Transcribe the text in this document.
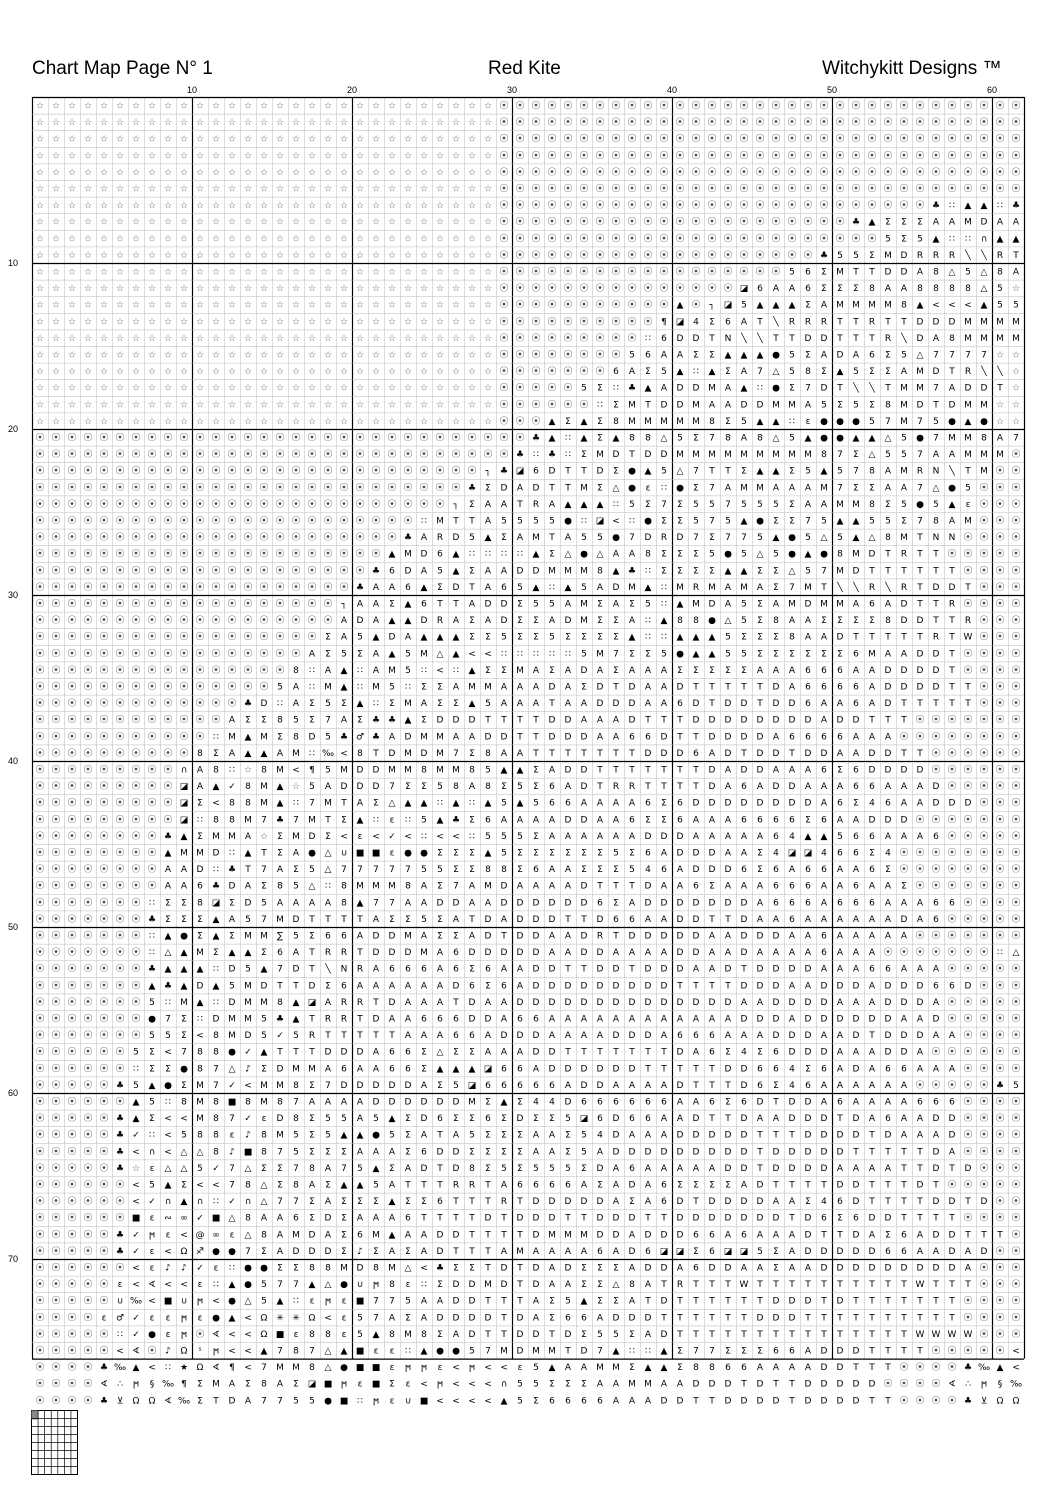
Chart Map Page N° 1	Red Kite	Witchykitt Designs ™
10	20	30	40	50	60
10
20
30
40
50
60
70
☆ ☆ ☆ ☆ ☆ ☆ ☆ ☆ ☆ ☆ ☆ ☆ ☆ ☆ ☆ ☆ ☆ ☆ ☆ ☆ ☆ ☆ ☆ ☆ ☆ ☆ ☆ ☆ ☆ ⦿ ⦿ ⦿ ⦿ ⦿ ⦿ ⦿ ⦿ ⦿ ⦿ ⦿ ⦿ ⦿ ⦿ ⦿ ⦿ ⦿ ⦿ ⦿ ⦿ ⦿ ⦿ ⦿ ⦿ ⦿ ⦿ ⦿ ⦿ ⦿ ⦿ ⦿ ⦿ ⦿
☆ ☆ ☆ ☆ ☆ ☆ ☆ ☆ ☆ ☆ ☆ ☆ ☆ ☆ ☆ ☆ ☆ ☆ ☆ ☆ ☆ ☆ ☆ ☆ ☆ ☆ ☆ ☆ ☆ ⦿ ⦿ ⦿ ⦿ ⦿ ⦿ ⦿ ⦿ ⦿ ⦿ ⦿ ⦿ ⦿ ⦿ ⦿ ⦿ ⦿ ⦿ ⦿ ⦿ ⦿ ⦿ ⦿ ⦿ ⦿ ⦿ ⦿ ⦿ ⦿ ⦿ ⦿ ⦿ ⦿
☆ ☆ ☆ ☆ ☆ ☆ ☆ ☆ ☆ ☆ ☆ ☆ ☆ ☆ ☆ ☆ ☆ ☆ ☆ ☆ ☆ ☆ ☆ ☆ ☆ ☆ ☆ ☆ ☆ ⦿ ⦿ ⦿ ⦿ ⦿ ⦿ ⦿ ⦿ ⦿ ⦿ ⦿ ⦿ ⦿ ⦿ ⦿ ⦿ ⦿ ⦿ ⦿ ⦿ ⦿ ⦿ ⦿ ⦿ ⦿ ⦿ ⦿ ⦿ ⦿ ⦿ ⦿ ⦿ ⦿
☆ ☆ ☆ ☆ ☆ ☆ ☆ ☆ ☆ ☆ ☆ ☆ ☆ ☆ ☆ ☆ ☆ ☆ ☆ ☆ ☆ ☆ ☆ ☆ ☆ ☆ ☆ ☆ ☆ ⦿ ⦿ ⦿ ⦿ ⦿ ⦿ ⦿ ⦿ ⦿ ⦿ ⦿ ⦿ ⦿ ⦿ ⦿ ⦿ ⦿ ⦿ ⦿ ⦿ ⦿ ⦿ ⦿ ⦿ ⦿ ⦿ ⦿ ⦿ ⦿ ⦿ ⦿ ⦿ ⦿
☆ ☆ ☆ ☆ ☆ ☆ ☆ ☆ ☆ ☆ ☆ ☆ ☆ ☆ ☆ ☆ ☆ ☆ ☆ ☆ ☆ ☆ ☆ ☆ ☆ ☆ ☆ ☆ ☆ ⦿ ⦿ ⦿ ⦿ ⦿ ⦿ ⦿ ⦿ ⦿ ⦿ ⦿ ⦿ ⦿ ⦿ ⦿ ⦿ ⦿ ⦿ ⦿ ⦿ ⦿ ⦿ ⦿ ⦿ ⦿ ⦿ ⦿ ⦿ ⦿ ⦿ ⦿ ⦿ ⦿
☆ ☆ ☆ ☆ ☆ ☆ ☆ ☆ ☆ ☆ ☆ ☆ ☆ ☆ ☆ ☆ ☆ ☆ ☆ ☆ ☆ ☆ ☆ ☆ ☆ ☆ ☆ ☆ ☆ ⦿ ⦿ ⦿ ⦿ ⦿ ⦿ ⦿ ⦿ ⦿ ⦿ ⦿ ⦿ ⦿ ⦿ ⦿ ⦿ ⦿ ⦿ ⦿ ⦿ ⦿ ⦿ ⦿ ⦿ ⦿ ⦿ ⦿ ⦿ ⦿ ⦿ ⦿ ⦿ ⦿
☆ ☆ ☆ ☆ ☆ ☆ ☆ ☆ ☆ ☆ ☆ ☆ ☆ ☆ ☆ ☆ ☆ ☆ ☆ ☆ ☆ ☆ ☆ ☆ ☆ ☆ ☆ ☆ ☆ ⦿ ⦿ ⦿ ⦿ ⦿ ⦿ ⦿ ⦿ ⦿ ⦿ ⦿ ⦿ ⦿ ⦿ ⦿ ⦿ ⦿ ⦿ ⦿ ⦿ ⦿ ⦿ ⦿ ⦿ ⦿ ⦿ ⦿ ♣ ∷ ▲ ▲ ∷ ♣
☆ ☆ ☆ ☆ ☆ ☆ ☆ ☆ ☆ ☆ ☆ ☆ ☆ ☆ ☆ ☆ ☆ ☆ ☆ ☆ ☆ ☆ ☆ ☆ ☆ ☆ ☆ ☆ ☆ ⦿ ⦿ ⦿ ⦿ ⦿ ⦿ ⦿ ⦿ ⦿ ⦿ ⦿ ⦿ ⦿ ⦿ ⦿ ⦿ ⦿ ⦿ ⦿ ⦿ ⦿ ⦿ ♣ ▲ Σ Σ Σ A A M D A A
☆ ☆ ☆ ☆ ☆ ☆ ☆ ☆ ☆ ☆ ☆ ☆ ☆ ☆ ☆ ☆ ☆ ☆ ☆ ☆ ☆ ☆ ☆ ☆ ☆ ☆ ☆ ☆ ☆ ⦿ ⦿ ⦿ ⦿ ⦿ ⦿ ⦿ ⦿ ⦿ ⦿ ⦿ ⦿ ⦿ ⦿ ⦿ ⦿ ⦿ ⦿ ⦿ ⦿ ⦿ ⦿ ⦿ ⦿ 5 Σ 5 ▲ ∷ ∷ ∩ ▲ ▲
☆ ☆ ☆ ☆ ☆ ☆ ☆ ☆ ☆ ☆ ☆ ☆ ☆ ☆ ☆ ☆ ☆ ☆ ☆ ☆ ☆ ☆ ☆ ☆ ☆ ☆ ☆ ☆ ☆ ⦿ ⦿ ⦿ ⦿ ⦿ ⦿ ⦿ ⦿ ⦿ ⦿ ⦿ ⦿ ⦿ ⦿ ⦿ ⦿ ⦿ ⦿ ⦿ ⦿ ♣ 5 5 Σ M D R R R ╲ ╲ R T
☆ ☆ ☆ ☆ ☆ ☆ ☆ ☆ ☆ ☆ ☆ ☆ ☆ ☆ ☆ ☆ ☆ ☆ ☆ ☆ ☆ ☆ ☆ ☆ ☆ ☆ ☆ ☆ ☆ ⦿ ⦿ ⦿ ⦿ ⦿ ⦿ ⦿ ⦿ ⦿ ⦿ ⦿ ⦿ ⦿ ⦿ ⦿ ⦿ ⦿ ⦿ 5 6 Σ M T T D D A 8 △ 5 △ 8 A
☆ ☆ ☆ ☆ ☆ ☆ ☆ ☆ ☆ ☆ ☆ ☆ ☆ ☆ ☆ ☆ ☆ ☆ ☆ ☆ ☆ ☆ ☆ ☆ ☆ ☆ ☆ ☆ ☆ ⦿ ⦿ ⦿ ⦿ ⦿ ⦿ ⦿ ⦿ ⦿ ⦿ ⦿ ⦿ ⦿ ⦿ ⦿ ◪ 6 A A 6 Σ Σ Σ 8 A A 8 8 8 8 △ 5 ☆
☆ ☆ ☆ ☆ ☆ ☆ ☆ ☆ ☆ ☆ ☆ ☆ ☆ ☆ ☆ ☆ ☆ ☆ ☆ ☆ ☆ ☆ ☆ ☆ ☆ ☆ ☆ ☆ ☆ ⦿ ⦿ ⦿ ⦿ ⦿ ⦿ ⦿ ⦿ ⦿ ⦿ ⦿ ▲ ⦿ ┐ ◪ 5 ▲ ▲ ▲ Σ A M M M M 8 ▲ < < < ▲ 5 5
☆ ☆ ☆ ☆ ☆ ☆ ☆ ☆ ☆ ☆ ☆ ☆ ☆ ☆ ☆ ☆ ☆ ☆ ☆ ☆ ☆ ☆ ☆ ☆ ☆ ☆ ☆ ☆ ☆ ⦿ ⦿ ⦿ ⦿ ⦿ ⦿ ⦿ ⦿ ⦿ ⦿ ¶ ◪ 4 Σ 6 A T ╲ R R R T T R T T D D D M M M M
☆ ☆ ☆ ☆ ☆ ☆ ☆ ☆ ☆ ☆ ☆ ☆ ☆ ☆ ☆ ☆ ☆ ☆ ☆ ☆ ☆ ☆ ☆ ☆ ☆ ☆ ☆ ☆ ☆ ⦿ ⦿ ⦿ ⦿ ⦿ ⦿ ⦿ ⦿ ⦿ ∷ 6 D D T N ╲ ╲ T T D D T T T R ╲ D A 8 M M M M
☆ ☆ ☆ ☆ ☆ ☆ ☆ ☆ ☆ ☆ ☆ ☆ ☆ ☆ ☆ ☆ ☆ ☆ ☆ ☆ ☆ ☆ ☆ ☆ ☆ ☆ ☆ ☆ ☆ ⦿ ⦿ ⦿ ⦿ ⦿ ⦿ ⦿ ⦿ 5 6 A A Σ Σ ▲ ▲ ▲ ● 5 Σ A D A 6 Σ 5 △ 7 7 7 7 ☆ ☆
☆ ☆ ☆ ☆ ☆ ☆ ☆ ☆ ☆ ☆ ☆ ☆ ☆ ☆ ☆ ☆ ☆ ☆ ☆ ☆ ☆ ☆ ☆ ☆ ☆ ☆ ☆ ☆ ☆ ⦿ ⦿ ⦿ ⦿ ⦿ ⦿ ⦿ 6 A Σ 5 ▲ ∷ ▲ Σ A 7 △ 5 8 Σ ▲ 5 Σ Σ A M D T R ╲ ╲ ☆
☆ ☆ ☆ ☆ ☆ ☆ ☆ ☆ ☆ ☆ ☆ ☆ ☆ ☆ ☆ ☆ ☆ ☆ ☆ ☆ ☆ ☆ ☆ ☆ ☆ ☆ ☆ ☆ ☆ ⦿ ⦿ ⦿ ⦿ ⦿ 5 Σ ∷ ♣ ▲ A D D M A ▲ ∷ ● Σ 7 D T ╲ ╲ T M M 7 A D D T ☆
☆ ☆ ☆ ☆ ☆ ☆ ☆ ☆ ☆ ☆ ☆ ☆ ☆ ☆ ☆ ☆ ☆ ☆ ☆ ☆ ☆ ☆ ☆ ☆ ☆ ☆ ☆ ☆ ☆ ⦿ ⦿ ⦿ ⦿ ⦿ ⦿ ∷ Σ M T D D M A A D D M M A 5 Σ 5 Σ 8 M D T D M M ☆ ☆
☆ ☆ ☆ ☆ ☆ ☆ ☆ ☆ ☆ ☆ ☆ ☆ ☆ ☆ ☆ ☆ ☆ ☆ ☆ ☆ ☆ ☆ ☆ ☆ ☆ ☆ ☆ ☆ ☆ ⦿ ⦿ ⦿ ▲ Σ ▲ Σ 8 M M M M M 8 Σ 5 ▲ ▲ ∷ ε ● ● ● 5 7 M 7 5 ● ▲ ● ☆ ☆
⦿ ⦿ ⦿ ⦿ ⦿ ⦿ ⦿ ⦿ ⦿ ⦿ ⦿ ⦿ ⦿ ⦿ ⦿ ⦿ ⦿ ⦿ ⦿ ⦿ ⦿ ⦿ ⦿ ⦿ ⦿ ⦿ ⦿ ⦿ ⦿ ⦿ ⦿ ♣ ▲ ∷ ▲ Σ ▲ 8 8 △ 5 Σ 7 8 A 8 △ 5 ▲ ● ● ▲ ▲ △ 5 ● 7 M M 8 A 7
⦿ ⦿ ⦿ ⦿ ⦿ ⦿ ⦿ ⦿ ⦿ ⦿ ⦿ ⦿ ⦿ ⦿ ⦿ ⦿ ⦿ ⦿ ⦿ ⦿ ⦿ ⦿ ⦿ ⦿ ⦿ ⦿ ⦿ ⦿ ⦿ ⦿ ♣ ∷ ♣ ∷ Σ M D T D D M M M M M M M M M 8 7 Σ △ 5 5 7 A A M M M ⦿
⦿ ⦿ ⦿ ⦿ ⦿ ⦿ ⦿ ⦿ ⦿ ⦿ ⦿ ⦿ ⦿ ⦿ ⦿ ⦿ ⦿ ⦿ ⦿ ⦿ ⦿ ⦿ ⦿ ⦿ ⦿ ⦿ ⦿ ⦿ ┐ ♣ ◪ 6 D T T D Σ ● ▲ 5 △ 7 T T Σ ▲ ▲ Σ 5 ▲ 5 7 8 A M R N ╲ T M ⦿ ⦿
⦿ ⦿ ⦿ ⦿ ⦿ ⦿ ⦿ ⦿ ⦿ ⦿ ⦿ ⦿ ⦿ ⦿ ⦿ ⦿ ⦿ ⦿ ⦿ ⦿ ⦿ ⦿ ⦿ ⦿ ⦿ ⦿ ⦿ ♣ Σ D A D T T M Σ △ ● ε ∷ ● Σ 7 A M M A A A M 7 Σ Σ A A 7 △ ● 5 ⦿ ⦿ ⦿
⦿ ⦿ ⦿ ⦿ ⦿ ⦿ ⦿ ⦿ ⦿ ⦿ ⦿ ⦿ ⦿ ⦿ ⦿ ⦿ ⦿ ⦿ ⦿ ⦿ ⦿ ⦿ ⦿ ⦿ ⦿ ⦿ ┐ Σ A A T R A ▲ ▲ ▲ ∷ 5 Σ 7 Σ 5 5 7 5 5 5 Σ A A M M 8 Σ 5 ● 5 ▲ ε ⦿ ⦿ ⦿
⦿ ⦿ ⦿ ⦿ ⦿ ⦿ ⦿ ⦿ ⦿ ⦿ ⦿ ⦿ ⦿ ⦿ ⦿ ⦿ ⦿ ⦿ ⦿ ⦿ ⦿ ⦿ ⦿ ⦿ ∷ M T T A 5 5 5 5 ● ∷ ◪ < ∷ ● Σ Σ 5 7 5 ▲ ● Σ Σ 7 5 ▲ ▲ 5 5 Σ 7 8 A M ⦿ ⦿ ⦿
⦿ ⦿ ⦿ ⦿ ⦿ ⦿ ⦿ ⦿ ⦿ ⦿ ⦿ ⦿ ⦿ ⦿ ⦿ ⦿ ⦿ ⦿ ⦿ ⦿ ⦿ ⦿ ⦿ ♣ A R D 5 ▲ Σ A M T A 5 5 ● 7 D R D 7 Σ 7 7 5 ▲ ● 5 △ 5 ▲ △ 8 M T N N ⦿ ⦿ ⦿ ⦿
⦿ ⦿ ⦿ ⦿ ⦿ ⦿ ⦿ ⦿ ⦿ ⦿ ⦿ ⦿ ⦿ ⦿ ⦿ ⦿ ⦿ ⦿ ⦿ ⦿ ⦿ ⦿ ▲ M D 6 ▲ ∷ ∷ ∷ ∷ ▲ Σ △ ● △ A A 8 Σ Σ Σ 5 ● 5 △ 5 ● ▲ ● 8 M D T R T T ⦿ ⦿ ⦿ ⦿ ⦿
⦿ ⦿ ⦿ ⦿ ⦿ ⦿ ⦿ ⦿ ⦿ ⦿ ⦿ ⦿ ⦿ ⦿ ⦿ ⦿ ⦿ ⦿ ⦿ ⦿ ⦿ ♣ 6 D A 5 ▲ Σ A A D D M M M 8 ▲ ♣ ∷ Σ Σ Σ Σ ▲ ▲ Σ Σ △ 5 7 M D T T T T T T ⦿ ⦿ ⦿ ⦿
⦿ ⦿ ⦿ ⦿ ⦿ ⦿ ⦿ ⦿ ⦿ ⦿ ⦿ ⦿ ⦿ ⦿ ⦿ ⦿ ⦿ ⦿ ⦿ ⦿ ♣ A A 6 ▲ Σ D T A 6 5 ▲ ∷ ▲ 5 A D M ▲ ∷ M R M A M A Σ 7 M T ╲ ╲ R ╲ R T D D T ⦿ ⦿ ⦿
⦿ ⦿ ⦿ ⦿ ⦿ ⦿ ⦿ ⦿ ⦿ ⦿ ⦿ ⦿ ⦿ ⦿ ⦿ ⦿ ⦿ ⦿ ⦿ ┐ A A Σ ▲ 6 T T A D D Σ 5 5 A M Σ A Σ 5 ∷ ▲ M D A 5 Σ A M D M M A 6 A D T T R ⦿ ⦿ ⦿ ⦿
⦿ ⦿ ⦿ ⦿ ⦿ ⦿ ⦿ ⦿ ⦿ ⦿ ⦿ ⦿ ⦿ ⦿ ⦿ ⦿ ⦿ ⦿ ⦿ A D A ▲ ▲ D R A Σ A D Σ Σ A D M Σ Σ A ∷ ▲ 8 8 ● △ 5 Σ 8 A A Σ Σ Σ Σ 8 D D T T R ⦿ ⦿ ⦿
⦿ ⦿ ⦿ ⦿ ⦿ ⦿ ⦿ ⦿ ⦿ ⦿ ⦿ ⦿ ⦿ ⦿ ⦿ ⦿ ⦿ ⦿ Σ A 5 ▲ D A ▲ ▲ ▲ Σ Σ 5 Σ Σ 5 Σ Σ Σ Σ ▲ ∷ ∷ ▲ ▲ ▲ 5 Σ Σ Σ 8 A A D T T T T T R T W ⦿ ⦿ ⦿
⦿ ⦿ ⦿ ⦿ ⦿ ⦿ ⦿ ⦿ ⦿ ⦿ ⦿ ⦿ ⦿ ⦿ ⦿ ⦿ ⦿ A Σ 5 Σ A ▲ 5 M △ ▲ < < ∷ ∷ ∷ ∷ ∷ 5 M 7 Σ Σ 5 ● ▲ ▲ 5 5 Σ Σ Σ Σ Σ Σ 6 M A A D D T ⦿ ⦿ ⦿ ⦿
⦿ ⦿ ⦿ ⦿ ⦿ ⦿ ⦿ ⦿ ⦿ ⦿ ⦿ ⦿ ⦿ ⦿ ⦿ ⦿ 8 ∷ A ▲ ∷ A M 5 ∷ < ∷ ▲ Σ Σ M A Σ A D A Σ A A A Σ Σ Σ Σ Σ A A A 6 6 6 A A D D D D T ⦿ ⦿ ⦿ ⦿
⦿ ⦿ ⦿ ⦿ ⦿ ⦿ ⦿ ⦿ ⦿ ⦿ ⦿ ⦿ ⦿ ⦿ ⦿ 5 A ∷ M ▲ ∷ M 5 ∷ Σ Σ A M M A A A D A Σ D T D A A D T T T T T D A 6 6 6 6 A D D D D T T ⦿ ⦿ ⦿
⦿ ⦿ ⦿ ⦿ ⦿ ⦿ ⦿ ⦿ ⦿ ⦿ ⦿ ⦿ ⦿ ♣ D ∷ A Σ 5 Σ ▲ ∷ Σ M A Σ Σ ▲ 5 A A A T A A D D D A A 6 D T D D T D D 6 A A 6 A D T T T T T ⦿ ⦿ ⦿
⦿ ⦿ ⦿ ⦿ ⦿ ⦿ ⦿ ⦿ ⦿ ⦿ ⦿ ⦿ A Σ Σ 8 5 Σ 7 A Σ ♣ ♣ ▲ Σ D D D T T T T D D A A A D T T T D D D D D D D D A D D T T T ⦿ ⦿ ⦿ ⦿ ⦿ ⦿ ⦿
⦿ ⦿ ⦿ ⦿ ⦿ ⦿ ⦿ ⦿ ⦿ ⦿ ⦿ ∷ M ▲ M Σ 8 D 5 ♣ ♂ ♣ A D M M A A D D T T D D D A A 6 6 D T T D D D D A 6 6 6 6 A A A ⦿ ⦿ ⦿ ⦿ ⦿ ⦿ ⦿ ⦿
⦿ ⦿ ⦿ ⦿ ⦿ ⦿ ⦿ ⦿ ⦿ ⦿ 8 Σ A ▲ ▲ A M ∷ ‰ < 8 T D M D M 7 Σ 8 A A T T T T T T T D D D 6 A D T D D T D D A A D D T T ⦿ ⦿ ⦿ ⦿ ⦿ ⦿
⦿ ⦿ ⦿ ⦿ ⦿ ⦿ ⦿ ⦿ ⦿ ∩ A 8 ∷ ☆ 8 M < ¶ 5 M D D M M 8 M M 8 5 ▲ ▲ Σ A D D T T T T T T T D A D D A A A 6 Σ 6 D D D D ⦿ ⦿ ⦿ ⦿ ⦿ ⦿
⦿ ⦿ ⦿ ⦿ ⦿ ⦿ ⦿ ⦿ ⦿ ◪ A ▲ ✓ 8 M ▲ ☆ 5 A D D D 7 Σ Σ 5 8 A 8 Σ 5 Σ 6 A D T R R T T T T D A 6 A D D A A A 6 6 A A A D ⦿ ⦿ ⦿ ⦿ ⦿
⦿ ⦿ ⦿ ⦿ ⦿ ⦿ ⦿ ⦿ ⦿ ◪ Σ < 8 8 M ▲ ∷ 7 M T A Σ △ ▲ ▲ ∷ ▲ ∷ ▲ 5 ▲ 5 6 6 A A A A 6 Σ 6 D D D D D D D D A 6 Σ 4 6 A A D D D ⦿ ⦿ ⦿
⦿ ⦿ ⦿ ⦿ ⦿ ⦿ ⦿ ⦿ ⦿ ◪ ∷ 8 8 M 7 ♣ 7 M T Σ ▲ ∷ ε ∷ 5 ▲ ♣ Σ 6 A A A A D D A A 6 Σ Σ 6 A A A 6 6 6 6 Σ 6 A A D D D ⦿ ⦿ ⦿ ⦿ ⦿ ⦿ ⦿
⦿ ⦿ ⦿ ⦿ ⦿ ⦿ ⦿ ⦿ ♣ ▲ Σ M M A ☆ Σ M D Σ < ε < ✓ < ∷ < < ∷ 5 5 5 Σ A A A A A A D D D A A A A A 6 4 ▲ ▲ 5 6 6 A A A 6 ⦿ ⦿ ⦿ ⦿ ⦿
⦿ ⦿ ⦿ ⦿ ⦿ ⦿ ⦿ ⦿ ▲ M M D ∷ ▲ T Σ A ● △ ∪ ■ ■ ε ● ● Σ Σ Σ ▲ 5 Σ Σ Σ Σ Σ Σ 5 Σ 6 A D D D A A Σ 4 ◪ ◪ 4 6 6 Σ 4 ⦿ ⦿ ⦿ ⦿ ⦿ ⦿ ⦿ ⦿
⦿ ⦿ ⦿ ⦿ ⦿ ⦿ ⦿ ⦿ A A D ∷ ♣ T 7 A Σ 5 △ 7 7 7 7 7 5 5 Σ Σ 8 8 Σ 6 A A Σ Σ Σ 5 4 6 A D D D 6 Σ 6 A 6 6 A A 6 Σ ⦿ ⦿ ⦿ ⦿ ⦿ ⦿ ⦿ ⦿
⦿ ⦿ ⦿ ⦿ ⦿ ⦿ ⦿ ⦿ A A 6 ♣ D A Σ 8 5 △ ∷ 8 M M M 8 A Σ 7 A M D A A A A D T T T D A A 6 Σ A A A 6 6 6 A A 6 A A Σ ⦿ ⦿ ⦿ ⦿ ⦿ ⦿ ⦿
⦿ ⦿ ⦿ ⦿ ⦿ ⦿ ⦿ ∷ Σ Σ 8 ◪ Σ D 5 A A A A 8 ▲ 7 7 A A D D A A D D D D D D 6 Σ A D D D D D D D A 6 6 6 A 6 6 6 A A A 6 6 ⦿ ⦿ ⦿ ⦿
⦿ ⦿ ⦿ ⦿ ⦿ ⦿ ⦿ ♣ Σ Σ Σ ▲ A 5 7 M D T T T T A Σ Σ 5 Σ A T D A D D D T T D 6 6 A A D D T T D A A 6 A A A A A A D A 6 ⦿ ⦿ ⦿ ⦿ ⦿
⦿ ⦿ ⦿ ⦿ ⦿ ⦿ ⦿ ∷ ▲ ● Σ ▲ Σ M M ∑ 5 Σ 6 6 A D D M A Σ Σ A D T D D A A D R T D D D D D A A D D D A A 6 A A A A A ⦿ ⦿ ⦿ ⦿ ⦿ ⦿ ⦿
⦿ ⦿ ⦿ ⦿ ⦿ ⦿ ⦿ ∷ △ ▲ M Σ ▲ ▲ Σ 6 A T R R T D D D M A 6 D D D D D A A D D A A A A D D A A D A A A A 6 A A A ⦿ ⦿ ⦿ ⦿ ⦿ ⦿ ⦿ ∷ △
⦿ ⦿ ⦿ ⦿ ⦿ ⦿ ⦿ ♣ ▲ ▲ ▲ ∷ D 5 ▲ 7 D T ╲ N R A 6 6 6 A 6 Σ 6 A A D D T T D D T D D D A A D T D D D D A A A 6 6 A A A ⦿ ⦿ ⦿ ⦿ ⦿
⦿ ⦿ ⦿ ⦿ ⦿ ⦿ ⦿ ▲ ♣ ▲ D ▲ 5 M D T T D Σ 6 A A A A A A D 6 Σ 6 A D D D D D D D D D T T T T D D D A A D D D A D D D 6 6 D ⦿ ⦿ ⦿
⦿ ⦿ ⦿ ⦿ ⦿ ⦿ ⦿ 5 ∷ M ▲ ∷ D M M 8 ▲ ◪ A R R T D A A A T D A A D D D D D D D D D D D D D D A A D D D D A A A D D D A ⦿ ⦿ ⦿ ⦿ ⦿
⦿ ⦿ ⦿ ⦿ ⦿ ⦿ ⦿ ● 7 Σ ∷ D M M 5 ♣ ▲ T R R T D A A 6 6 6 D D A 6 6 A A A A A A A A A A A A D D D A D D D D D D A A D ⦿ ⦿ ⦿ ⦿ ⦿
⦿ ⦿ ⦿ ⦿ ⦿ ⦿ ⦿ 5 5 Σ < 8 M D 5 ✓ 5 R T T T T T A A A 6 6 A D D D A A A A D D D A 6 6 6 A A A D D D A A D T D D D A A ⦿ ⦿ ⦿ ⦿
⦿ ⦿ ⦿ ⦿ ⦿ ⦿ 5 Σ < 7 8 8 ● ✓ ▲ T T T D D D A 6 6 Σ △ Σ Σ A A A D D T T T T T T T D A 6 Σ 4 Σ 6 D D D A A A D D A ⦿ ⦿ ⦿ ⦿ ⦿ ⦿
⦿ ⦿ ⦿ ⦿ ⦿ ⦿ ∷ Σ Σ ● 8 7 △ ♪ Σ D M M A 6 A A 6 6 Σ ▲ ▲ ▲ ◪ 6 6 A D D D D D D T T T T T D D 6 6 4 Σ 6 A D A 6 6 A A A ⦿ ⦿ ⦿ ⦿
⦿ ⦿ ⦿ ⦿ ⦿ ♣ 5 ▲ ● Σ M 7 ✓ < M M 8 Σ 7 D D D D D A Σ 5 ◪ 6 6 6 6 6 A D D A A A A D T T T D 6 Σ 4 6 A A A A A A ⦿ ⦿ ⦿ ⦿ ⦿ ♣ 5
⦿ ⦿ ⦿ ⦿ ⦿ ⦿ ▲ 5 ∷ 8 M 8 ■ 8 M 8 7 A A A A D D D D D D M Σ ▲ Σ 4 4 D 6 6 6 6 6 6 A A 6 Σ 6 D T D D A 6 A A A A 6 6 6 ⦿ ⦿ ⦿ ⦿
⦿ ⦿ ⦿ ⦿ ⦿ ♣ ▲ Σ < < M 8 7 ✓ ε D 8 Σ 5 5 A 5 ▲ Σ D 6 Σ Σ 6 Σ D Σ Σ 5 ◪ 6 D 6 6 A A D T T D A A D D D T D A 6 A A D D ⦿ ⦿ ⦿ ⦿
⦿ ⦿ ⦿ ⦿ ⦿ ♣ ✓ ∷ < 5 8 8 ε ♪ 8 M 5 Σ 5 ▲ ▲ ● 5 Σ A T A 5 Σ Σ Σ A A Σ 5 4 D A A A D D D D D T T T D D D D T D A A A D ⦿ ⦿ ⦿ ⦿
⦿ ⦿ ⦿ ⦿ ⦿ ♣ < ∩ < △ △ 8 ♪ ■ 8 7 5 Σ Σ Σ A A A Σ 6 D D Σ Σ Σ Σ A A Σ 5 A D D D D D D D D D T D D D D D T T T T T D A ⦿ ⦿ ⦿ ⦿
⦿ ⦿ ⦿ ⦿ ⦿ ♣ ☆ ε △ △ 5 ✓ 7 △ Σ Σ 7 8 A 7 5 ▲ Σ A D T D 8 Σ 5 Σ 5 5 5 Σ D A 6 A A A A A D D T D D D D A A A A T T D T D ⦿ ⦿ ⦿
⦿ ⦿ ⦿ ⦿ ⦿ ⦿ < 5 ▲ Σ < < 7 8 △ Σ 8 A Σ ▲ ▲ 5 A T T T R R T A 6 6 6 6 A Σ A D A 6 Σ Σ Σ Σ A D T T T T D D T T T D T ⦿ ⦿ ⦿ ⦿ ⦿
⦿ ⦿ ⦿ ⦿ ⦿ ⦿ < ✓ ∩ ▲ ∩ ∷ ✓ ∩ △ 7 7 Σ A Σ Σ Σ ▲ Σ Σ 6 T T T R T D D D D D A Σ A 6 D T D D D D A A Σ 4 6 D T T T T D D T D ⦿ ⦿
⦿ ⦿ ⦿ ⦿ ⦿ ⦿ ■ ε ∾ ∞ ✓ ■ △ 8 A A 6 Σ D Σ A A A 6 T T T T D T D D D T T D D D T T D D D D D D D T D 6 Σ 6 D D T T T T ⦿ ⦿ ⦿ ⦿
⦿ ⦿ ⦿ ⦿ ⦿ ♣ ✓ ϻ ε < @ ∞ ε △ 8 A M D A Σ 6 M ▲ A A D D T T T T D M M M D D A D D D 6 6 A 6 A A A D T T D A Σ 6 A D D T T T ⦿
⦿ ⦿ ⦿ ⦿ ⦿ ♣ ✓ ε < Ω ♐ ● ● 7 Σ A D D D Σ ♪ Σ A Σ A D T T T A M A A A A 6 A D 6 ◪ ◪ Σ 6 ◪ ◪ 5 Σ A D D D D D 6 6 A A D A D ⦿ ⦿
⦿ ⦿ ⦿ ⦿ ⦿ ⦿ < ε ♪ ♪ ✓ ε ∷ ● ● Σ Σ 8 8 M D 8 M △ < ♣ Σ Σ T D T D A D Σ Σ Σ A D D A 6 D D A A Σ A A D D D D D D D D D A ⦿ ⦿ ⦿
⦿ ⦿ ⦿ ⦿ ⦿ ε < ∢ < < ε ∷ ▲ ● 5 7 7 ▲ △ ● ∪ ϻ 8 ε ∷ Σ D D M D T D A A Σ Σ △ 8 A T R T T T W T T T T T T T T T T W T T T ⦿ ⦿ ⦿
⦿ ⦿ ⦿ ⦿ ⦿ ∪ ‰ < ■ ∪ ϻ < ● △ 5 ▲ ∷ ε ϻ ε ■ 7 7 5 A A D D T T T A Σ 5 ▲ Σ Σ A T D T T T T T T D D D T D T T T T T T T ⦿ ⦿ ⦿ ⦿
⦿ ⦿ ⦿ ⦿ ε ♂ ✓ ε ε ϻ ε ● ▲ < Ω ✳ ✳ Ω < ε 5 7 A Σ A D D D D T D A Σ 6 6 A D D D T T T T T T D D D T T T T T T T T T T ⦿ ⦿ ⦿ ⦿
⦿ ⦿ ⦿ ⦿ ⦿ ∷ ✓ ● ε ϻ ⦿ ∢ < < Ω ■ ε 8 8 ε 5 ▲ 8 M 8 Σ A D T T D D T D Σ 5 5 Σ A D T T T T T T T T T T T T T T T W W W W ⦿ ⦿ ⦿
⦿ ⦿ ⦿ ⦿ ⦿ < ∢ ⦿ ♪ Ω ˢ ϻ < < ▲ 7 8 7 △ ▲ ■ ε ε ∷ ▲ ● ● 5 7 M D M M T D 7 ▲ ∷ ∷ ▲ Σ 7 7 Σ Σ Σ 6 6 A D D D T T T T ⦿ ⦿ ⦿ ⦿ ⦿ <
⦿ ⦿ ⦿ ⦿ ♣ ‰ ▲ < ∷ ★ Ω ∢ ¶ < 7 M M 8 △ ● ■ ■ ε ϻ ϻ ε < ϻ < < ε 5 ▲ A A M M Σ ▲ ▲ Σ 8 8 6 6 A A A A D D T T T ⦿ ⦿ ⦿ ⦿ ♣ ‰ ▲ <
⦿ ⦿ ⦿ ⦿ ∢ ∴ ϻ § ‰ ¶ Σ M A Σ 8 A Σ ◪ ■ ϻ ε ■ Σ ε < ϻ < < < ∩ 5 5 Σ Σ Σ A A M M A A D D D T D T T D D D D D ⦿ ⦿ ⦿ ⦿ ∢ ∴ ϻ § ‰
⦿ ⦿ ⦿ ⦿ ♣ ⊻ Ω Ω ∢ ‰ Σ T D A 7 7 5 5 ● ■ ∷ ϻ ε ∪ ■ < < < < ▲ 5 Σ 6 6 6 6 A A A D D T T D D D D T D D D D T T ⦿ ⦿ ⦿ ⦿ ♣ ⊻ Ω Ω
